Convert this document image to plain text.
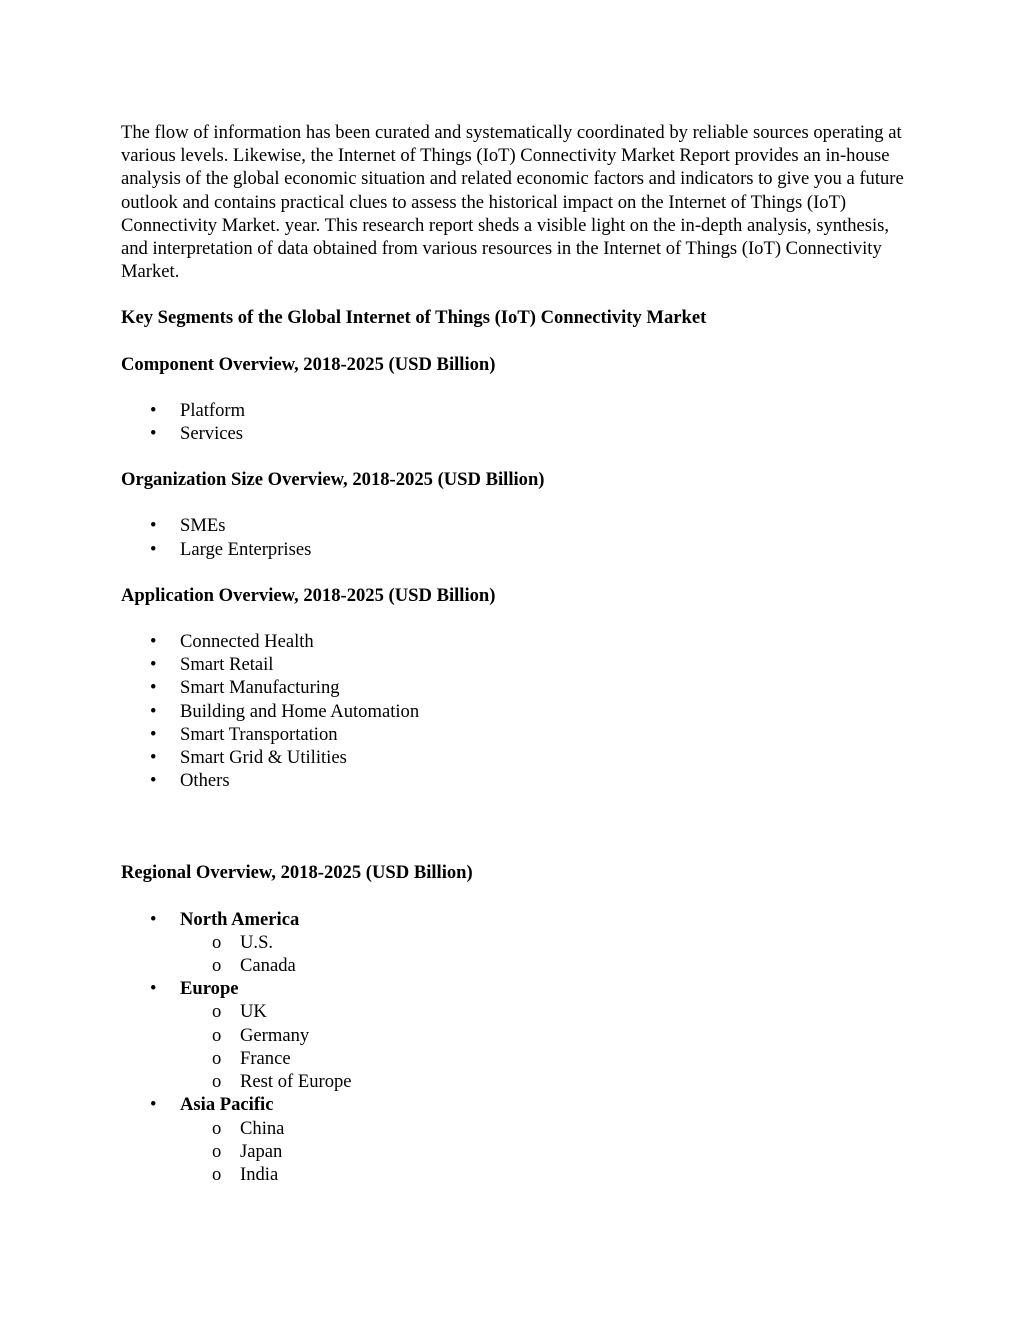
The flow of information has been curated and systematically coordinated by reliable sources operating at various levels. Likewise, the Internet of Things (IoT) Connectivity Market Report provides an in-house analysis of the global economic situation and related economic factors and indicators to give you a future outlook and contains practical clues to assess the historical impact on the Internet of Things (IoT) Connectivity Market. year. This research report sheds a visible light on the in-depth analysis, synthesis, and interpretation of data obtained from various resources in the Internet of Things (IoT) Connectivity Market.

Key Segments of the Global Internet of Things (IoT) Connectivity Market

Component Overview, 2018-2025 (USD Billion)

• Platform
• Services

Organization Size Overview, 2018-2025 (USD Billion)

• SMEs
• Large Enterprises

Application Overview, 2018-2025 (USD Billion)

• Connected Health
• Smart Retail
• Smart Manufacturing
• Building and Home Automation
• Smart Transportation
• Smart Grid & Utilities
• Others

Regional Overview, 2018-2025 (USD Billion)

• North America
o U.S.
o Canada
• Europe
o UK
o Germany
o France
o Rest of Europe
• Asia Pacific
o China
o Japan
o India
